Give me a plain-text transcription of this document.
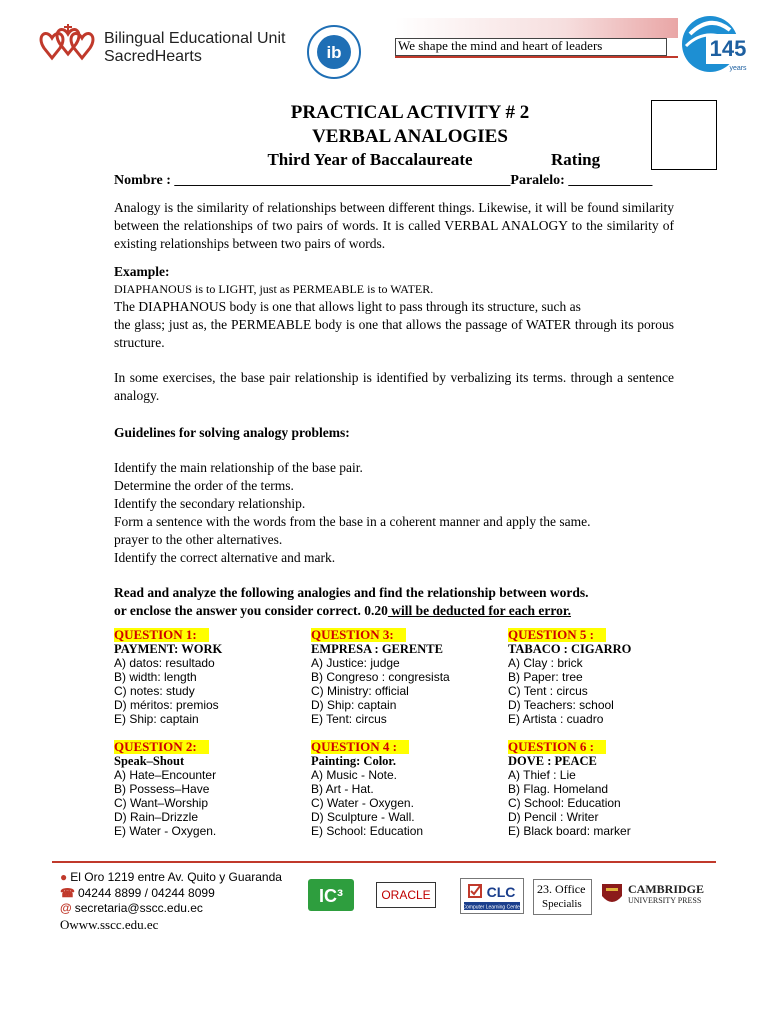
Bilingual Educational Unit
SacredHearts	ib	We shape the mind and heart of leaders	145
years
PRACTICAL ACTIVITY # 2
VERBAL ANALOGIES
Third Year of Baccalaureate	Rating
Nombre : ________________________________________________Paralelo: ____________
Analogy is the similarity of relationships between different things. Likewise, it will be found similarity between the relationships of two pairs of words. It is called VERBAL ANALOGY to the similarity of existing relationships between two pairs of words.
Example:
DIAPHANOUS is to LIGHT, just as PERMEABLE is to WATER.
The DIAPHANOUS body is one that allows light to pass through its structure, such as
the glass; just as, the PERMEABLE body is one that allows the passage of WATER through its porous structure.
In some exercises, the base pair relationship is identified by verbalizing its terms. through a sentence analogy.
Guidelines for solving analogy problems:
Identify the main relationship of the base pair.
Determine the order of the terms.
Identify the secondary relationship.
Form a sentence with the words from the base in a coherent manner and apply the same.
prayer to the other alternatives.
Identify the correct alternative and mark.
Read and analyze the following analogies and find the relationship between words.
or enclose the answer you consider correct. 0.20 will be deducted for each error.
QUESTION 1:
PAYMENT: WORK
A) datos: resultado
B) width: length
C) notes: study
D) méritos: premios
E) Ship: captain
QUESTION 3:
EMPRESA : GERENTE
A) Justice: judge
B) Congreso : congresista
C) Ministry: official
D) Ship: captain
E) Tent: circus
QUESTION 5 :
TABACO : CIGARRO
A) Clay : brick
B) Paper: tree
C) Tent : circus
D) Teachers: school
E) Artista : cuadro
QUESTION 2:
Speak–Shout
A) Hate–Encounter
B) Possess–Have
C) Want–Worship
D) Rain–Drizzle
E) Water - Oxygen.
QUESTION 4 :
Painting: Color.
A) Music - Note.
B) Art - Hat.
C) Water - Oxygen.
D) Sculpture - Wall.
E) School: Education
QUESTION 6 :
DOVE : PEACE
A) Thief : Lie
B) Flag. Homeland
C) School: Education
D) Pencil : Writer
E) Black board: marker
● El Oro 1219 entre Av. Quito y Guaranda
☎ 04244 8899 / 04244 8099
@ secretaria@sscc.edu.ec
Owww.sscc.edu.ec
IC³	ORACLE	CLC
Computer Learning Center
23. Office
Specialis
CAMBRIDGE
UNIVERSITY PRESS
